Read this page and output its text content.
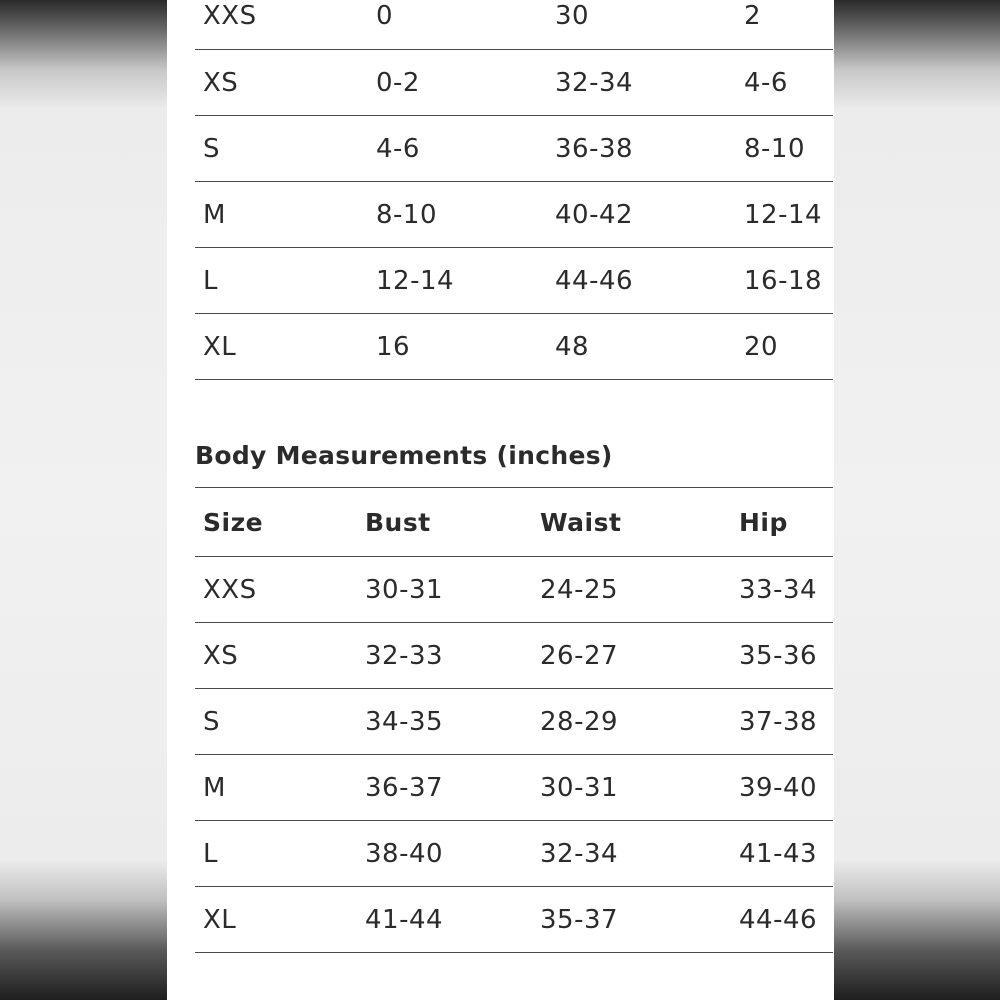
XXS	0	30	2
XS	0-2	32-34	4-6
S	4-6	36-38	8-10
M	8-10	40-42	12-14
L	12-14	44-46	16-18
XL	16	48	20
Body Measurements (inches)
Size	Bust	Waist	Hip
XXS	30-31	24-25	33-34
XS	32-33	26-27	35-36
S	34-35	28-29	37-38
M	36-37	30-31	39-40
L	38-40	32-34	41-43
XL	41-44	35-37	44-46
